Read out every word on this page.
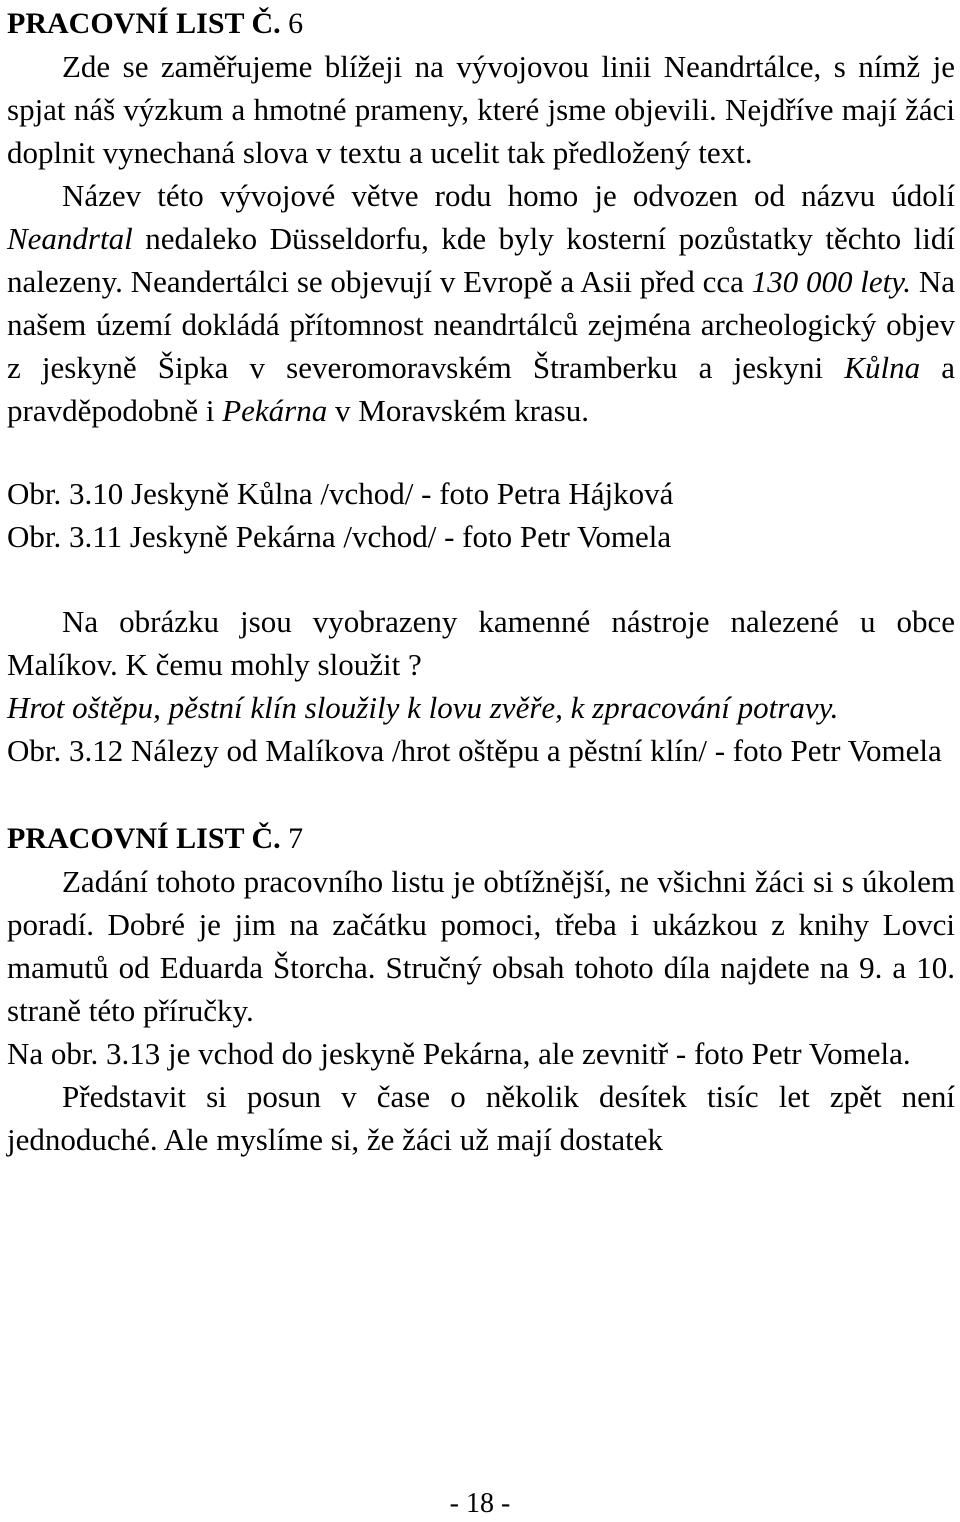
PRACOVNÍ LIST Č. 6

Zde se zaměřujeme blížeji na vývojovou linii Neandrtálce, s nímž je spjat náš výzkum a hmotné prameny, které jsme objevili. Nejdříve mají žáci doplnit vynechaná slova v textu a ucelit tak předložený text.

Název této vývojové větve rodu homo je odvozen od názvu údolí Neandrtal nedaleko Düsseldorfu, kde byly kosterní pozůstatky těchto lidí nalezeny. Neandertálci se objevují v Evropě a Asii před cca 130 000 lety. Na našem území dokládá přítomnost neandrtálců zejména archeologický objev z jeskyně Šipka v severomoravském Štramberku a jeskyni Kůlna a pravděpodobně i Pekárna v Moravském krasu.

Obr. 3.10 Jeskyně Kůlna /vchod/ - foto Petra Hájková

Obr. 3.11 Jeskyně Pekárna /vchod/ - foto Petr Vomela

Na obrázku jsou vyobrazeny kamenné nástroje nalezené u obce Malíkov. K čemu mohly sloužit ?

Hrot oštěpu, pěstní klín sloužily k lovu zvěře, k zpracování potravy.

Obr. 3.12 Nálezy od Malíkova /hrot oštěpu a pěstní klín/ - foto Petr Vomela

PRACOVNÍ LIST Č. 7

Zadání tohoto pracovního listu je obtížnější, ne všichni žáci si s úkolem poradí. Dobré je jim na začátku pomoci, třeba i ukázkou z knihy Lovci mamutů od Eduarda Štorcha. Stručný obsah tohoto díla najdete na 9. a 10. straně této příručky.

Na obr. 3.13 je vchod do jeskyně Pekárna, ale zevnitř - foto Petr Vomela.

Představit si posun v čase o několik desítek tisíc let zpět není jednoduché. Ale myslíme si, že žáci už mají dostatek

- 18 -
